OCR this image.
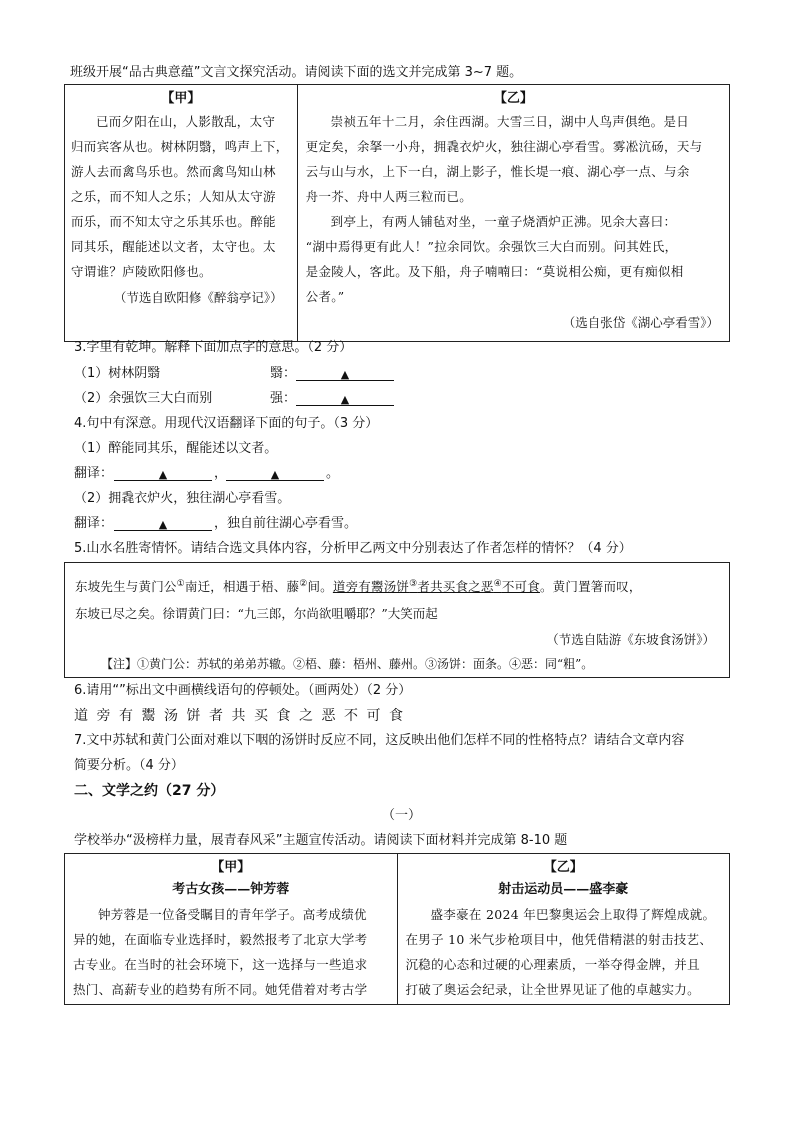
班级开展“品古典意蕴”文言文探究活动。请阅读下面的选文并完成第 3~7 题。
【甲】
已而夕阳在山，人影散乱，太守
归而宾客从也。树林阴翳，鸣声上下，
游人去而禽鸟乐也。然而禽鸟知山林
之乐，而不知人之乐；人知从太守游
而乐，而不知太守之乐其乐也。醉能
同其乐，醒能述以文者，太守也。太
守谓谁？庐陵欧阳修也。
（节选自欧阳修《醉翁亭记》）

【乙】
崇祯五年十二月，余住西湖。大雪三日，湖中人鸟声俱绝。是日
更定矣，余拏一小舟，拥毳衣炉火，独往湖心亭看雪。雾凇沆砀，天与
云与山与水，上下一白，湖上影子，惟长堤一痕、湖心亭一点、与余
舟一芥、舟中人两三粒而已。
到亭上，有两人铺毡对坐，一童子烧酒炉正沸。见余大喜曰：
“湖中焉得更有此人！”拉余同饮。余强饮三大白而别。问其姓氏，
是金陵人，客此。及下船，舟子喃喃曰：“莫说相公痴，更有痴似相
公者。”
（选自张岱《湖心亭看雪》）
3.字里有乾坤。解释下面加点字的意思。（2 分）
（1）树林阴翳	翳：	▲
（2）余强饮三大白而别	强：	▲
4.句中有深意。用现代汉语翻译下面的句子。（3 分）
（1）醉能同其乐，醒能述以文者。
翻译：	▲	，	▲	。
（2）拥毳衣炉火，独往湖心亭看雪。
翻译：	▲	，独自前往湖心亭看雪。
5.山水名胜寄情怀。请结合选文具体内容，分析甲乙两文中分别表达了作者怎样的情怀？（4 分）
东坡先生与黄门公①南迁，相遇于梧、藤②间。道旁有鬻汤饼③者共买食之恶④不可食。黄门置箸而叹，
东坡已尽之矣。徐谓黄门曰：“九三郎，尔尚欲咀嚼耶？”大笑而起
（节选自陆游《东坡食汤饼》）
【注】①黄门公：苏轼的弟弟苏辙。②梧、藤：梧州、藤州。③汤饼：面条。④恶：同“粗”。
6.请用“”标出文中画横线语句的停顿处。（画两处）（2 分）
道 旁 有 鬻 汤 饼 者 共 买 食 之 恶 不 可 食
7.文中苏轼和黄门公面对难以下咽的汤饼时反应不同，这反映出他们怎样不同的性格特点？请结合文章内容
简要分析。（4 分）
二、文学之约（27 分）
（一）
学校举办“汲榜样力量，展青春风采”主题宣传活动。请阅读下面材料并完成第 8-10 题
【甲】
考古女孩——钟芳蓉
钟芳蓉是一位备受瞩目的青年学子。高考成绩优
异的她，在面临专业选择时，毅然报考了北京大学考
古专业。在当时的社会环境下，这一选择与一些追求
热门、高薪专业的趋势有所不同。她凭借着对考古学

【乙】
射击运动员——盛李豪
盛李豪在 2024 年巴黎奥运会上取得了辉煌成就。
在男子 10 米气步枪项目中，他凭借精湛的射击技艺、
沉稳的心态和过硬的心理素质，一举夺得金牌，并且
打破了奥运会纪录，让全世界见证了他的卓越实力。
